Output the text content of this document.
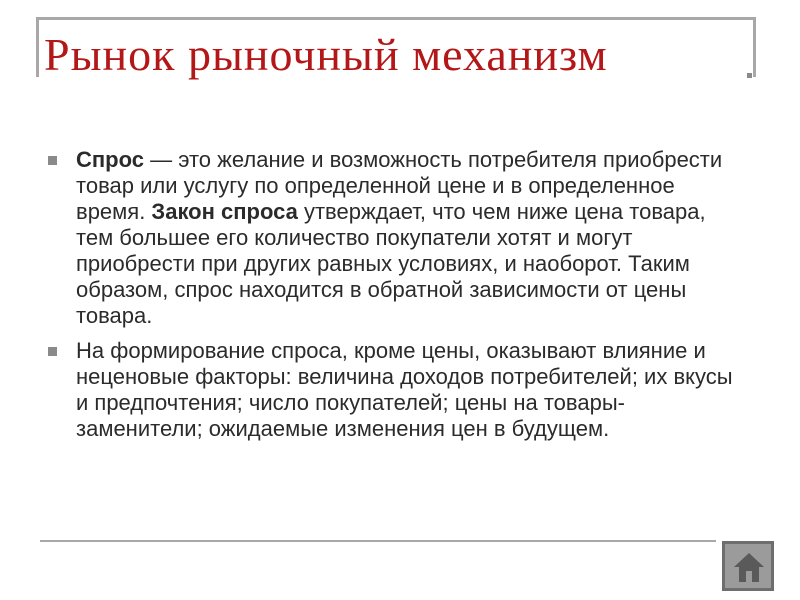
Рынок рыночный механизм
Спрос — это желание и возможность потребителя приобрести товар или услугу по определенной цене и в определенное время. Закон спроса утверждает, что чем ниже цена товара, тем большее его количество покупатели хотят и могут приобрести при других равных условиях, и наоборот. Таким образом, спрос находится в обратной зависимости от цены товара.
На формирование спроса, кроме цены, оказывают влияние и неценовые факторы: величина доходов потребителей; их вкусы и предпочтения; число покупателей; цены на товары-заменители; ожидаемые изменения цен в будущем.
